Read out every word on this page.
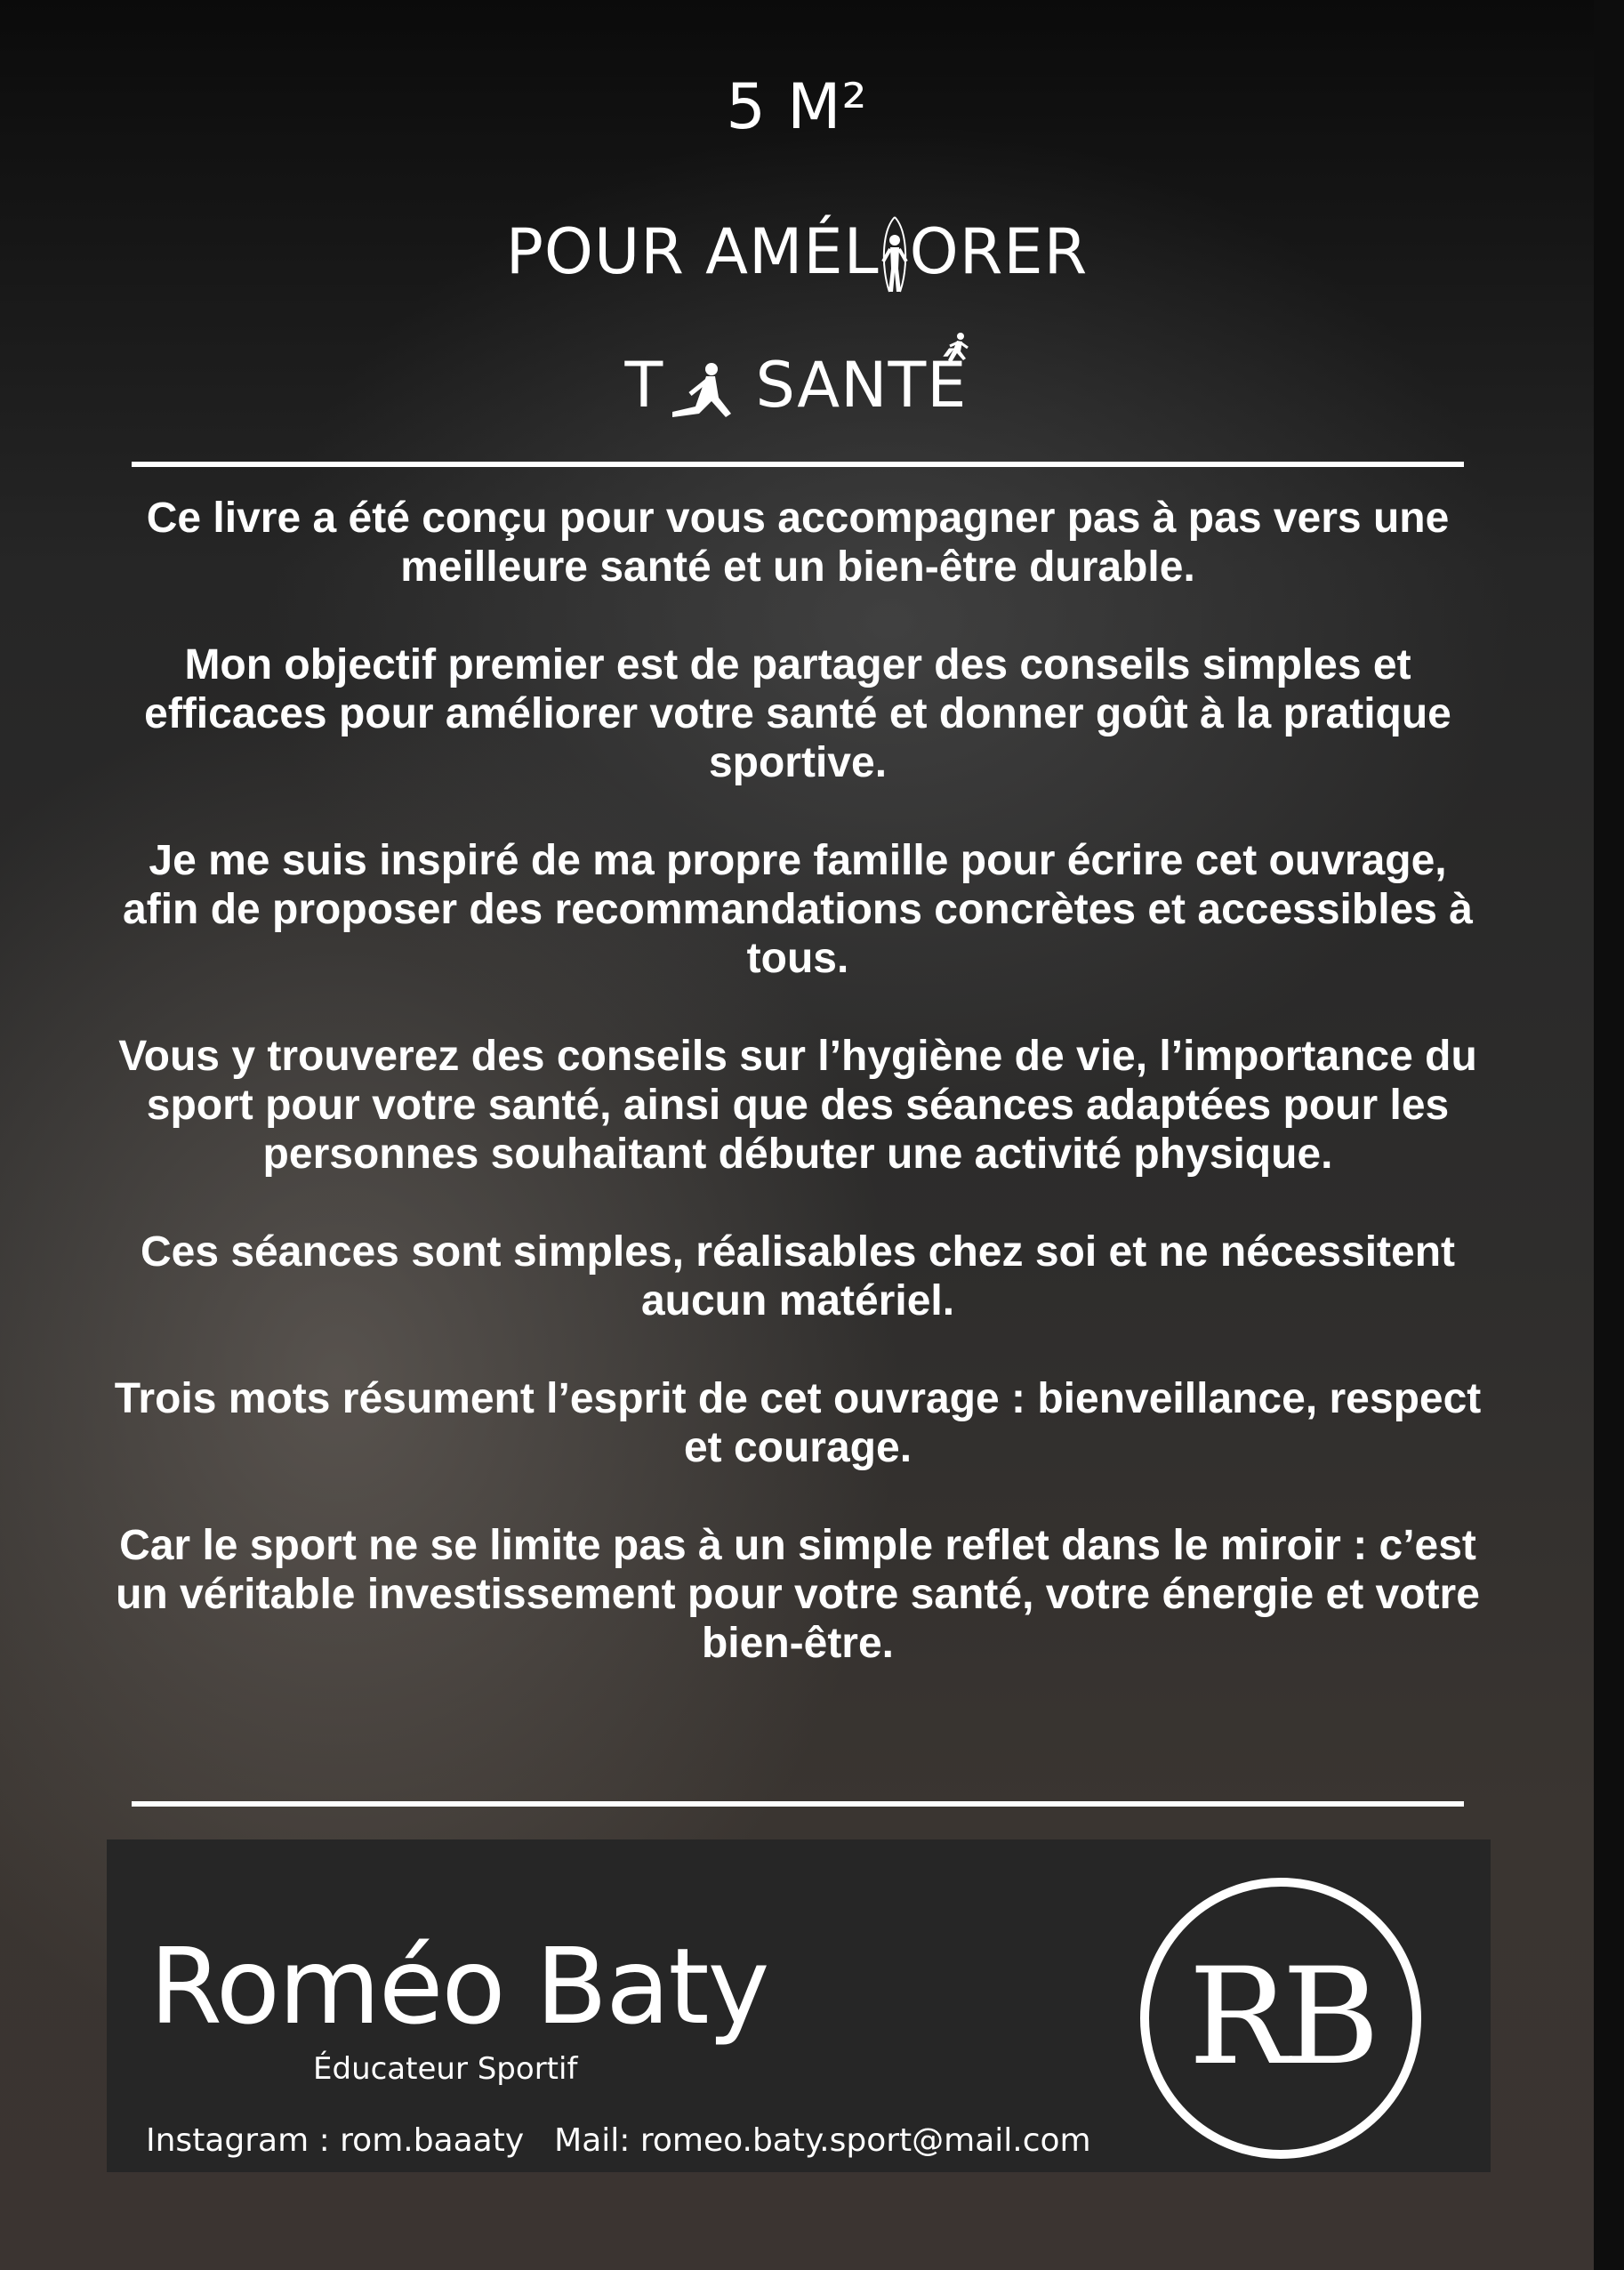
5 M²
POUR AMÉL ORER
T SANTÉ

Ce livre a été conçu pour vous accompagner pas à pas vers une meilleure santé et un bien-être durable.

Mon objectif premier est de partager des conseils simples et efficaces pour améliorer votre santé et donner goût à la pratique sportive.

Je me suis inspiré de ma propre famille pour écrire cet ouvrage, afin de proposer des recommandations concrètes et accessibles à tous.

Vous y trouverez des conseils sur l’hygiène de vie, l’importance du sport pour votre santé, ainsi que des séances adaptées pour les personnes souhaitant débuter une activité physique.

Ces séances sont simples, réalisables chez soi et ne nécessitent aucun matériel.

Trois mots résument l’esprit de cet ouvrage : bienveillance, respect et courage.

Car le sport ne se limite pas à un simple reflet dans le miroir : c’est un véritable investissement pour votre santé, votre énergie et votre bien-être.

Roméo Baty
Éducateur Sportif
Instagram : rom.baaaty Mail: romeo.baty.sport@mail.com
RB
